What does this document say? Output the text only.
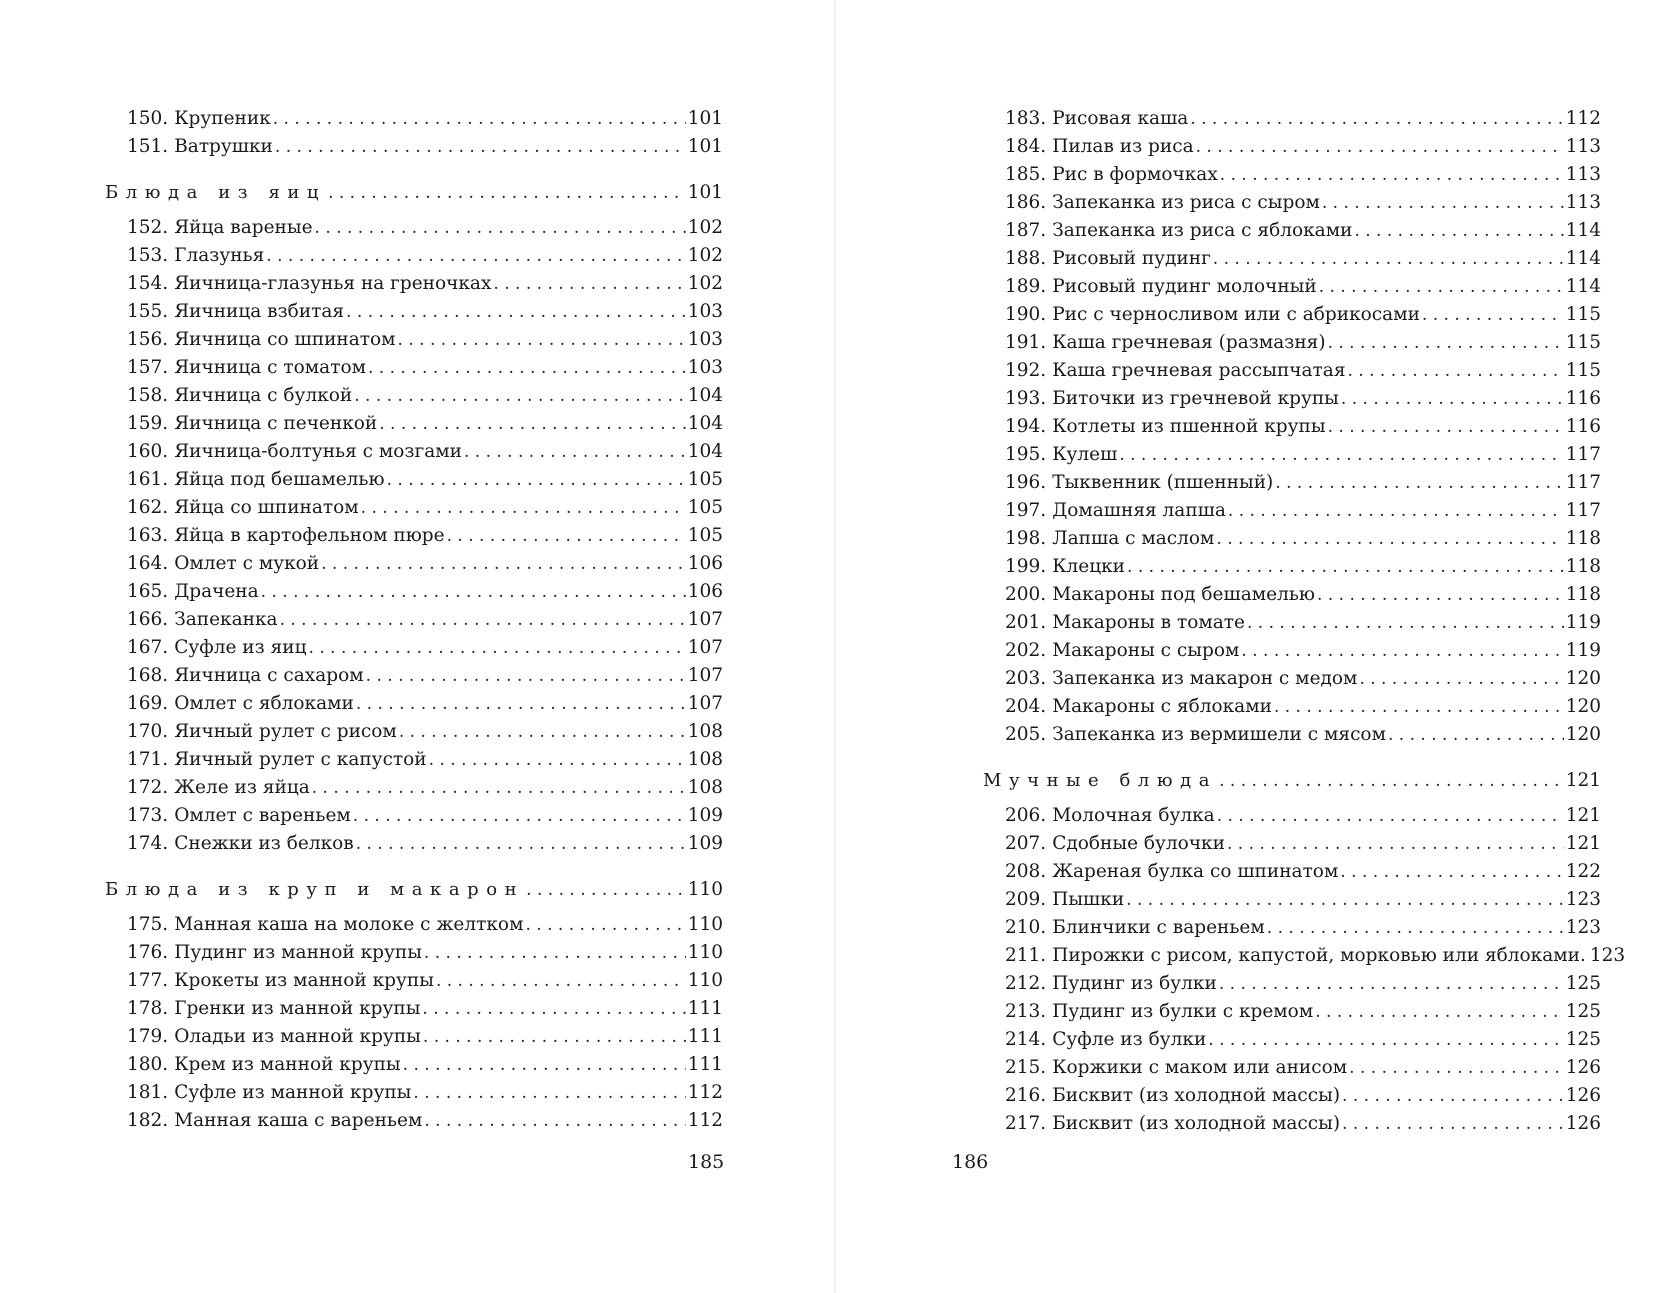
150. Крупеник . . .	101
151. Ватрушки . . .	101
Блюда из яиц . . .	101
152. Яйца вареные . . .	102
153. Глазунья . . .	102
154. Яичница-глазунья на греночках . . .	102
155. Яичница взбитая . . .	103
156. Яичница со шпинатом . . .	103
157. Яичница с томатом . . .	103
158. Яичница с булкой . . .	104
159. Яичница с печенкой . . .	104
160. Яичница-болтунья с мозгами . . .	104
161. Яйца под бешамелью . . .	105
162. Яйца со шпинатом . . .	105
163. Яйца в картофельном пюре . . .	105
164. Омлет с мукой . . .	106
165. Драчена . . .	106
166. Запеканка . . .	107
167. Суфле из яиц . . .	107
168. Яичница с сахаром . . .	107
169. Омлет с яблоками . . .	107
170. Яичный рулет с рисом . . .	108
171. Яичный рулет с капустой . . .	108
172. Желе из яйца . . .	108
173. Омлет с вареньем . . .	109
174. Снежки из белков . . .	109
Блюда из круп и макарон . . .	110
175. Манная каша на молоке с желтком . . .	110
176. Пудинг из манной крупы . . .	110
177. Крокеты из манной крупы . . .	110
178. Гренки из манной крупы . . .	111
179. Оладьи из манной крупы . . .	111
180. Крем из манной крупы . . .	111
181. Суфле из манной крупы . . .	112
182. Манная каша с вареньем . . .	112
185
183. Рисовая каша . . .	112
184. Пилав из риса . . .	113
185. Рис в формочках . . .	113
186. Запеканка из риса с сыром . . .	113
187. Запеканка из риса с яблоками . . .	114
188. Рисовый пудинг . . .	114
189. Рисовый пудинг молочный . . .	114
190. Рис с черносливом или с абрикосами . . .	115
191. Каша гречневая (размазня) . . .	115
192. Каша гречневая рассыпчатая . . .	115
193. Биточки из гречневой крупы . . .	116
194. Котлеты из пшенной крупы . . .	116
195. Кулеш . . .	117
196. Тыквенник (пшенный) . . .	117
197. Домашняя лапша . . .	117
198. Лапша с маслом . . .	118
199. Клецки . . .	118
200. Макароны под бешамелью . . .	118
201. Макароны в томате . . .	119
202. Макароны с сыром . . .	119
203. Запеканка из макарон с медом . . .	120
204. Макароны с яблоками . . .	120
205. Запеканка из вермишели с мясом . . .	120
Мучные блюда . . .	121
206. Молочная булка . . .	121
207. Сдобные булочки . . .	121
208. Жареная булка со шпинатом . . .	122
209. Пышки . . .	123
210. Блинчики с вареньем . . .	123
211. Пирожки с рисом, капустой, морковью или яблоками. 123
212. Пудинг из булки . . .	125
213. Пудинг из булки с кремом . . .	125
214. Суфле из булки . . .	125
215. Коржики с маком или анисом . . .	126
216. Бисквит (из холодной массы) . . .	126
217. Бисквит (из холодной массы) . . .	126
186
